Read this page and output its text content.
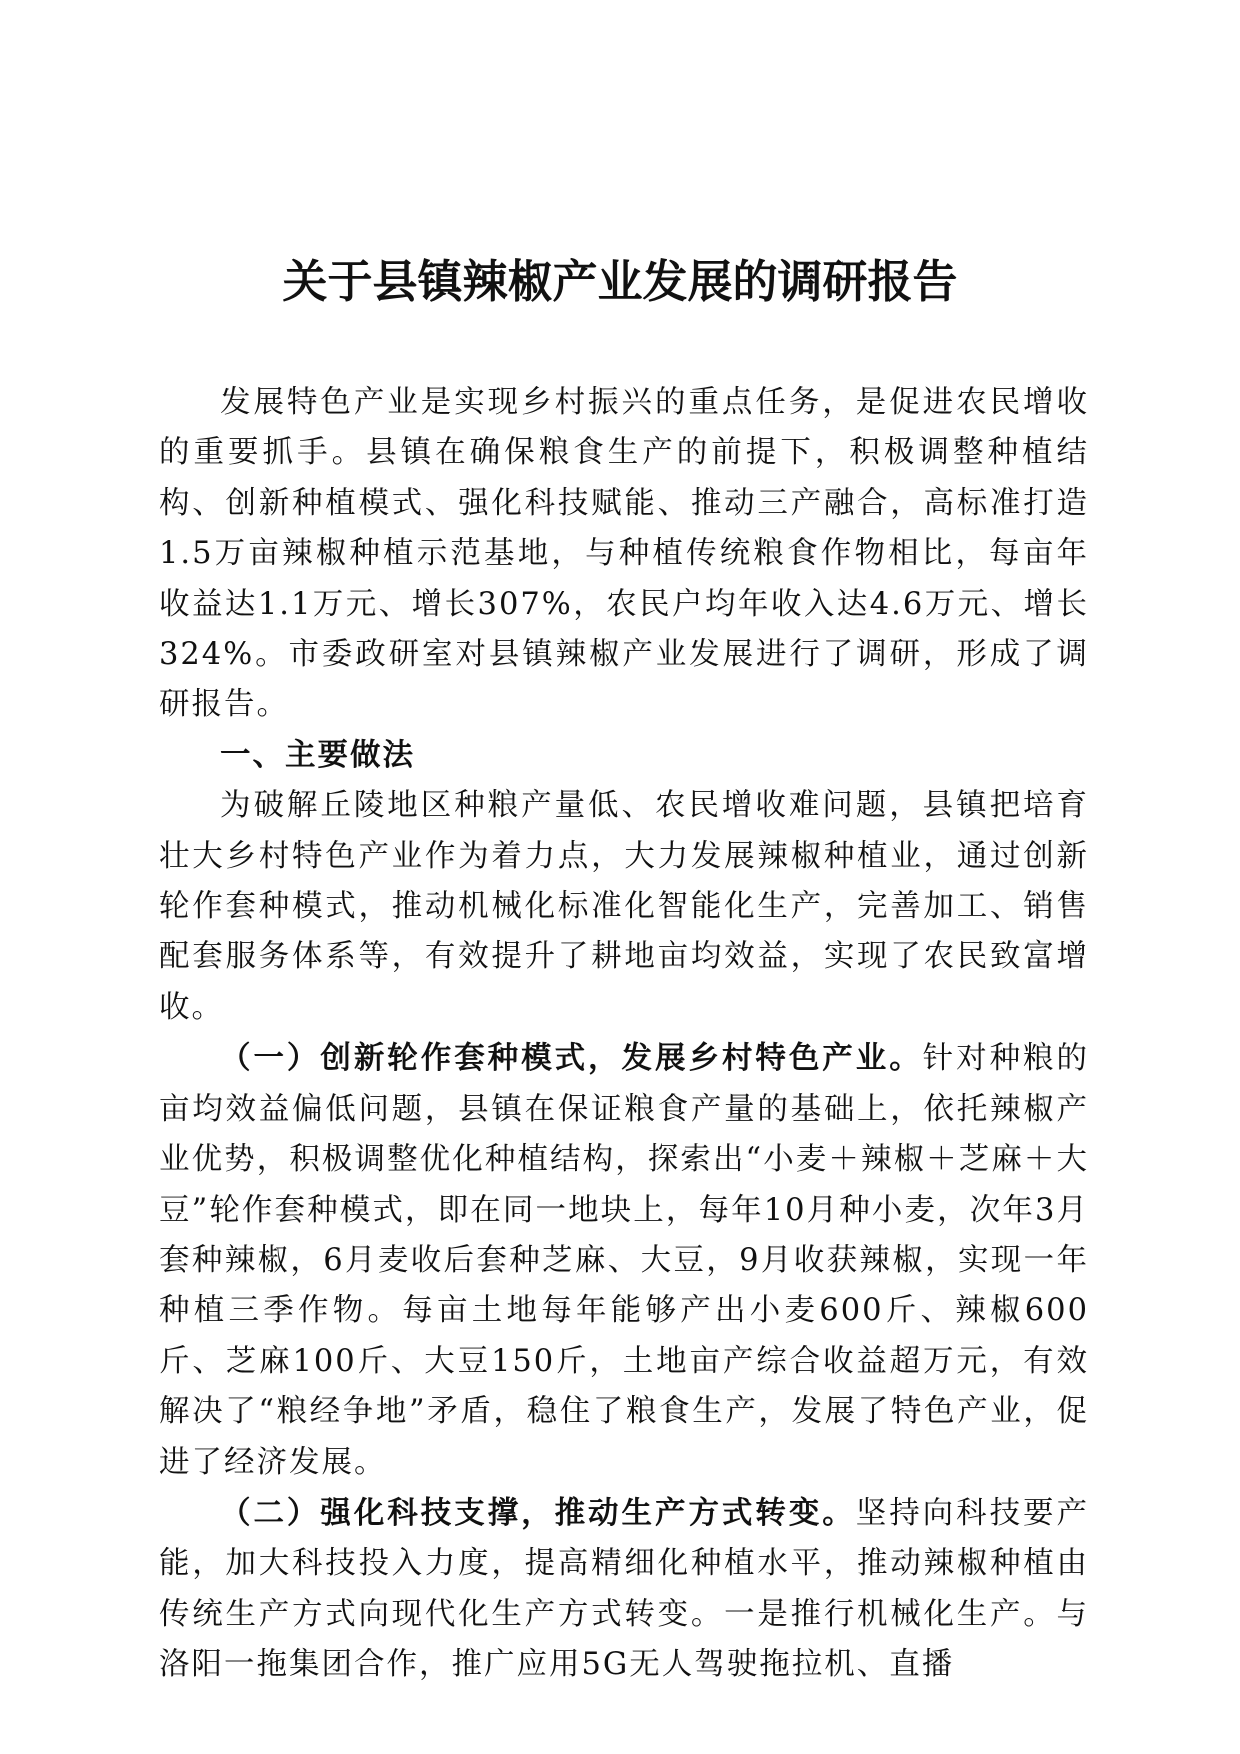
关于县镇辣椒产业发展的调研报告

发展特色产业是实现乡村振兴的重点任务，是促进农民增收的重要抓手。县镇在确保粮食生产的前提下，积极调整种植结构、创新种植模式、强化科技赋能、推动三产融合，高标准打造1.5万亩辣椒种植示范基地，与种植传统粮食作物相比，每亩年收益达1.1万元、增长307%，农民户均年收入达4.6万元、增长324%。市委政研室对县镇辣椒产业发展进行了调研，形成了调研报告。

一、主要做法

为破解丘陵地区种粮产量低、农民增收难问题，县镇把培育壮大乡村特色产业作为着力点，大力发展辣椒种植业，通过创新轮作套种模式，推动机械化标准化智能化生产，完善加工、销售配套服务体系等，有效提升了耕地亩均效益，实现了农民致富增收。

（一）创新轮作套种模式，发展乡村特色产业。针对种粮的亩均效益偏低问题，县镇在保证粮食产量的基础上，依托辣椒产业优势，积极调整优化种植结构，探索出“小麦＋辣椒＋芝麻＋大豆”轮作套种模式，即在同一地块上，每年10月种小麦，次年3月套种辣椒，6月麦收后套种芝麻、大豆，9月收获辣椒，实现一年种植三季作物。每亩土地每年能够产出小麦600斤、辣椒600斤、芝麻100斤、大豆150斤，土地亩产综合收益超万元，有效解决了“粮经争地”矛盾，稳住了粮食生产，发展了特色产业，促进了经济发展。

（二）强化科技支撑，推动生产方式转变。坚持向科技要产能，加大科技投入力度，提高精细化种植水平，推动辣椒种植由传统生产方式向现代化生产方式转变。一是推行机械化生产。与洛阳一拖集团合作，推广应用5G无人驾驶拖拉机、直播
